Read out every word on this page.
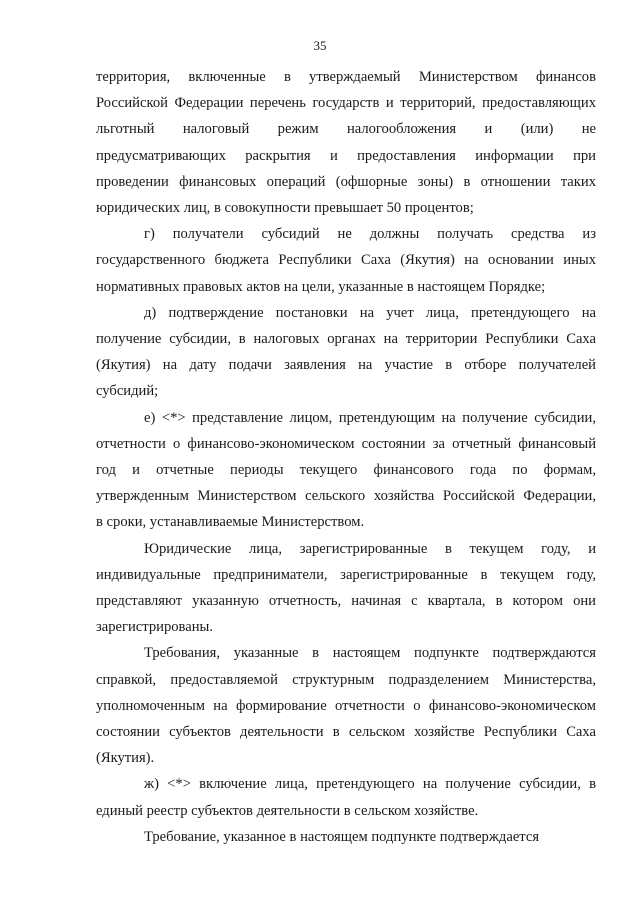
35
территория, включенные в утверждаемый Министерством финансов
Российской Федерации перечень государств и территорий, предоставляющих
льготный налоговый режим налогообложения и (или) не
предусматривающих раскрытия и предоставления информации при
проведении финансовых операций (офшорные зоны) в отношении таких
юридических лиц, в совокупности превышает 50 процентов;
г) получатели субсидий не должны получать средства из
государственного бюджета Республики Саха (Якутия) на основании иных
нормативных правовых актов на цели, указанные в настоящем Порядке;
д) подтверждение постановки на учет лица, претендующего на
получение субсидии, в налоговых органах на территории Республики Саха
(Якутия) на дату подачи заявления на участие в отборе получателей
субсидий;
е) <*> представление лицом, претендующим на получение субсидии,
отчетности о финансово-экономическом состоянии за отчетный финансовый
год и отчетные периоды текущего финансового года по формам,
утвержденным Министерством сельского хозяйства Российской Федерации,
в сроки, устанавливаемые Министерством.
Юридические лица, зарегистрированные в текущем году, и
индивидуальные предприниматели, зарегистрированные в текущем году,
представляют указанную отчетность, начиная с квартала, в котором они
зарегистрированы.
Требования, указанные в настоящем подпункте подтверждаются
справкой, предоставляемой структурным подразделением Министерства,
уполномоченным на формирование отчетности о финансово-экономическом
состоянии субъектов деятельности в сельском хозяйстве Республики Саха
(Якутия).
ж) <*> включение лица, претендующего на получение субсидии, в
единый реестр субъектов деятельности в сельском хозяйстве.
Требование, указанное в настоящем подпункте подтверждается
